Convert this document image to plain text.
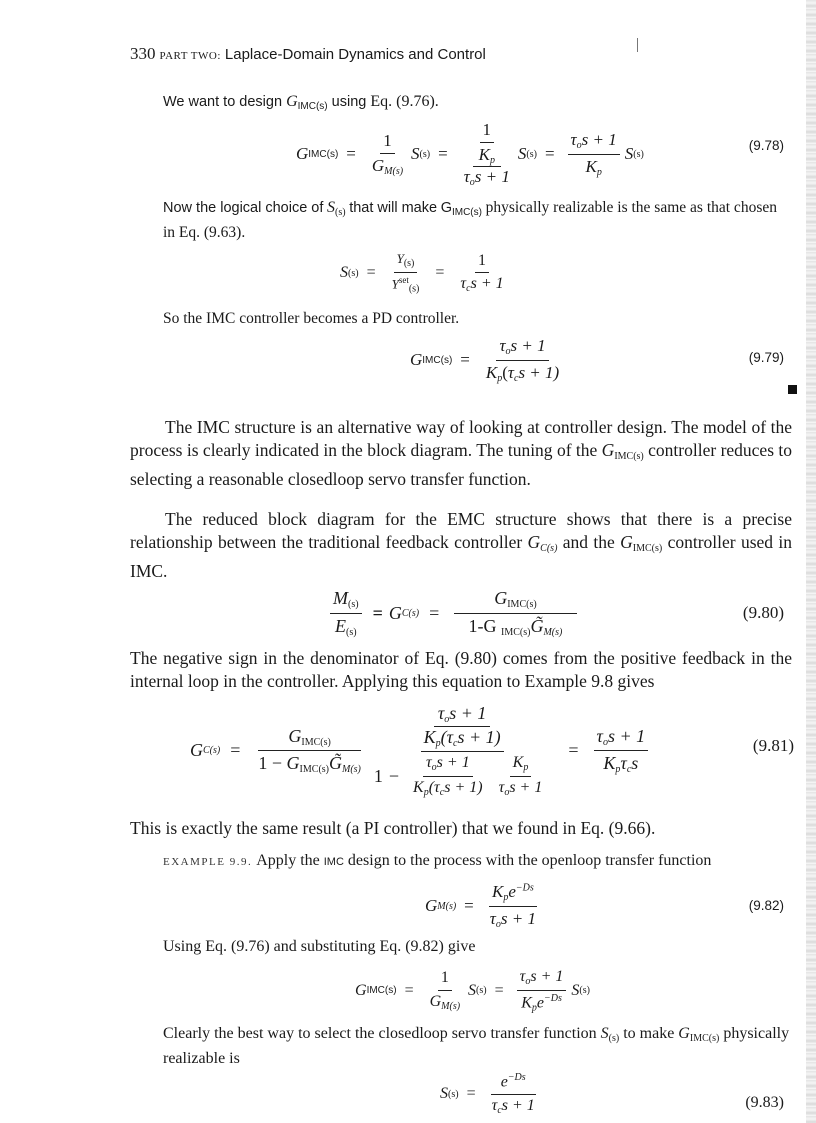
330 PART TWO: Laplace-Domain Dynamics and Control
We want to design $G_{IMC(s)}$ using Eq. (9.76).
G $IMC(s) = \frac{1}{G_{M(s)}}$ S (s) = 1
$K_p$
$\tau_os + 1$ S $(s) = \frac{\tau_os + 1}{K_p}$ S (s)
(9.78)
Now the logical choice of $S_{(s)}$ that will make $G_{IMC(s)}$ physically realizable is the same as that chosen in Eq. (9.63).
S $(s) = \frac{Y_{(s)}}{Y^{set}_{(s)}} = \frac{1}{\tau_cs + 1}$
So the IMC controller becomes a PD controller.
G $IMC(s) = \frac{\tau_os + 1}{K_p(\tau_cs + 1)}$	(9.79)
The IMC structure is an alternative way of looking at controller design. The model of the process is clearly indicated in the block diagram. The tuning of the $G_{IMC(s)}$ controller reduces to selecting a reasonable closedloop servo transfer function.
The reduced block diagram for the EMC structure shows that there is a precise relationship between the traditional feedback controller $G_{C(s)}$ and the $G_{IMC(s)}$ controller used in IMC.
$\frac{M_{(s)}}{E_{(s)}} = G$ $C(s) = \frac{G_{IMC(s)}}{1-G _{IMC(s)}G̃_{M(s)}}$	(9.80)
The negative sign in the denominator of Eq. (9.80) comes from the positive feedback in the internal loop in the controller. Applying this equation to Example 9.8 gives
G $C(s) = \frac{G_{IMC(s)}}{1 - G_{IMC(s)}G̃_{M(s)}}$
$\tau_os + 1$
$K_p(\tau_cs + 1)$
$1 - \frac{\tau_os + 1}{K_p(\tau_cs + 1)} \frac{K_p}{\tau_os + 1}$
= $\frac{\tau_os + 1}{K_p\tau_cs}$	(9.81)
This is exactly the same result (a PI controller) that we found in Eq. (9.66).
EXAMPLE 9.9. Apply the IMC design to the process with the openloop transfer function
G $M(s) = \frac{K_pe^{-Ds}}{\tau_os + 1}$	(9.82)
Using Eq. (9.76) and substituting Eq. (9.82) give
G $IMC(s) = \frac{1}{G_{M(s)}}$ S $(s) = \frac{\tau_os + 1}{K_pe^{-Ds}}$ S (s)
Clearly the best way to select the closedloop servo transfer function $S_{(s)}$ to make $G_{IMC(s)}$ physically realizable is
S $(s) = \frac{e^{-Ds}}{\tau_cs + 1}$	(9.83)
